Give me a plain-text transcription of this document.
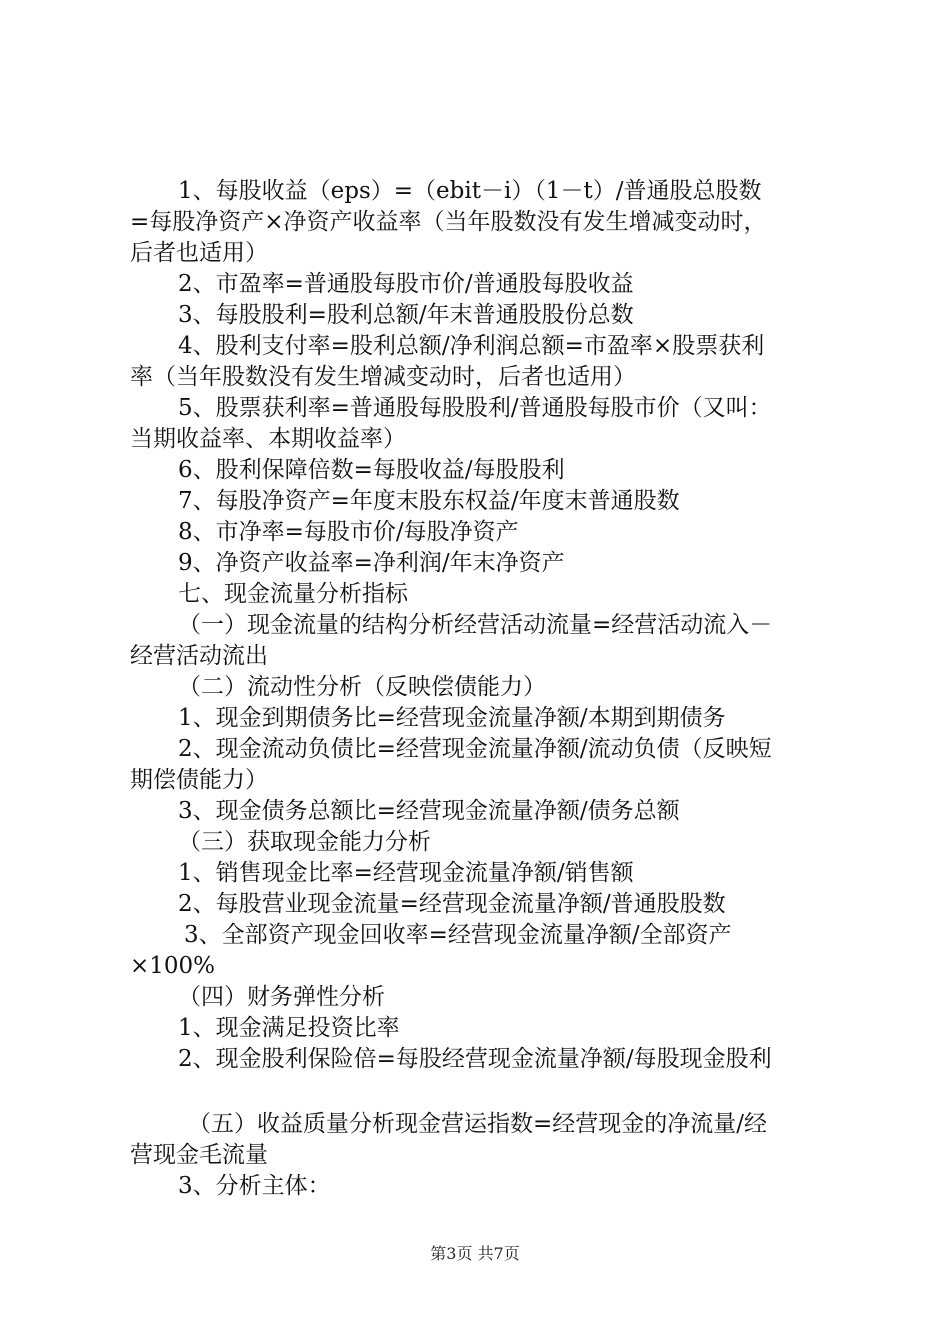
1、每股收益（eps）=（ebit－i）（1－t）/普通股总股数
=每股净资产×净资产收益率（当年股数没有发生增减变动时，
后者也适用）
2、市盈率=普通股每股市价/普通股每股收益
3、每股股利=股利总额/年末普通股股份总数
4、股利支付率=股利总额/净利润总额=市盈率×股票获利
率（当年股数没有发生增减变动时，后者也适用）
5、股票获利率=普通股每股股利/普通股每股市价（又叫：
当期收益率、本期收益率）
6、股利保障倍数=每股收益/每股股利
7、每股净资产=年度末股东权益/年度末普通股数
8、市净率=每股市价/每股净资产
9、净资产收益率=净利润/年末净资产
七、现金流量分析指标
（一）现金流量的结构分析经营活动流量=经营活动流入－
经营活动流出
（二）流动性分析（反映偿债能力）
1、现金到期债务比=经营现金流量净额/本期到期债务
2、现金流动负债比=经营现金流量净额/流动负债（反映短
期偿债能力）
3、现金债务总额比=经营现金流量净额/债务总额
（三）获取现金能力分析
1、销售现金比率=经营现金流量净额/销售额
2、每股营业现金流量=经营现金流量净额/普通股股数
3、全部资产现金回收率=经营现金流量净额/全部资产
×100%
（四）财务弹性分析
1、现金满足投资比率
2、现金股利保险倍=每股经营现金流量净额/每股现金股利
（五）收益质量分析现金营运指数=经营现金的净流量/经
营现金毛流量
3、分析主体：
第3页 共7页
